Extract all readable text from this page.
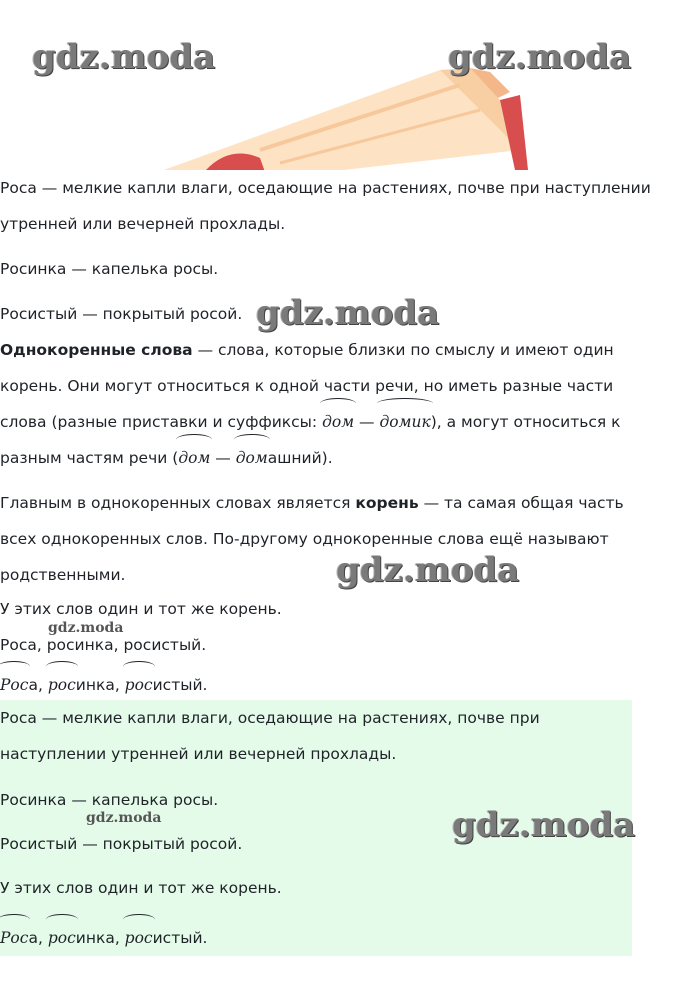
gdz.moda	gdz.moda
Роса — мелкие капли влаги, оседающие на растениях, почве при наступлении
утренней или вечерней прохлады.
Росинка — капелька росы.
Росистый — покрытый росой. gdz.moda
Однокоренные слова — слова, которые близки по смыслу и имеют один
корень. Они могут относиться к одной части речи, но иметь разные части
слова (разные приставки и суффиксы:
дом —
домик), а могут относиться к
разным частям речи (
дом —
домашний).
Главным в однокоренных словах является корень — та самая общая часть
всех однокоренных слов. По-другому однокоренные слова ещё называют
родственными.	gdz.moda
У этих слов один и тот же корень.
gdz.moda
Роса, росинка, росистый.
Роса,
росинка,
росистый.
Роса — мелкие капли влаги, оседающие на растениях, почве при
наступлении утренней или вечерней прохлады.
Росинка — капелька росы.
gdz.moda	gdz.moda
Росистый — покрытый росой.
У этих слов один и тот же корень.
Роса,
росинка,
росистый.
